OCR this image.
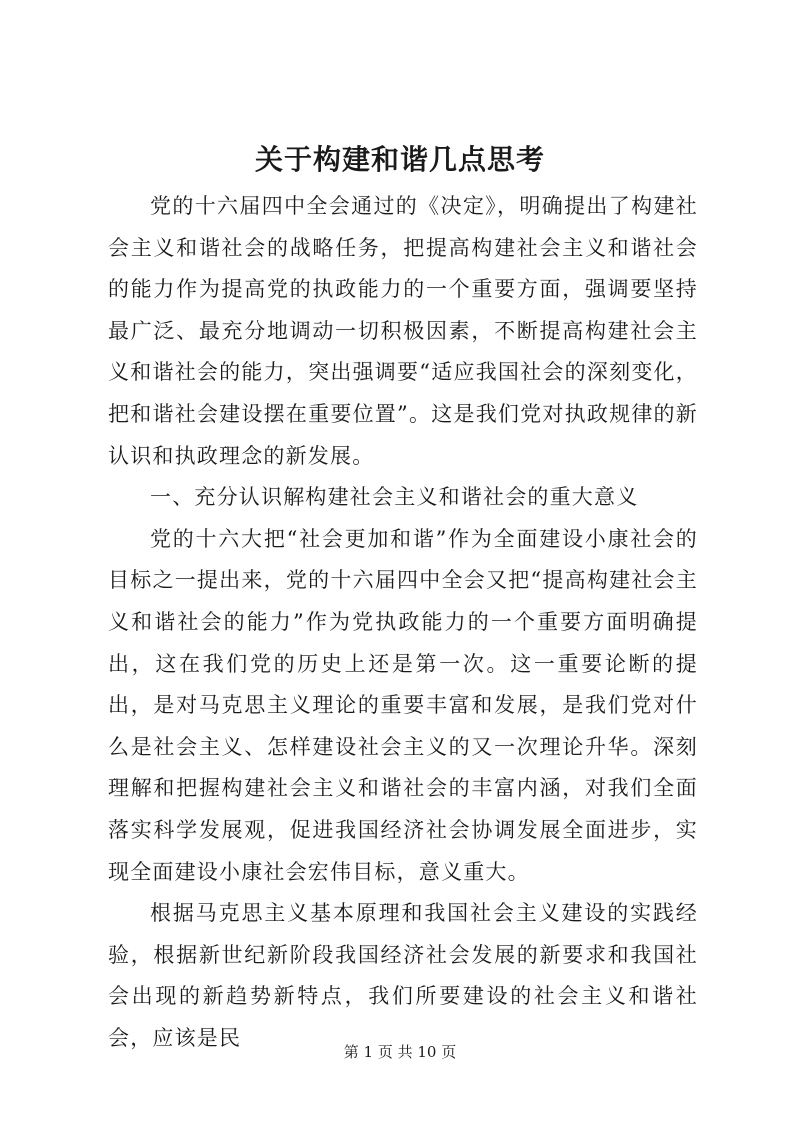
关于构建和谐几点思考

党的十六届四中全会通过的《决定》，明确提出了构建社会主义和谐社会的战略任务，把提高构建社会主义和谐社会的能力作为提高党的执政能力的一个重要方面，强调要坚持最广泛、最充分地调动一切积极因素，不断提高构建社会主义和谐社会的能力，突出强调要“适应我国社会的深刻变化，把和谐社会建设摆在重要位置”。这是我们党对执政规律的新认识和执政理念的新发展。

一、充分认识解构建社会主义和谐社会的重大意义

党的十六大把“社会更加和谐”作为全面建设小康社会的目标之一提出来，党的十六届四中全会又把“提高构建社会主义和谐社会的能力”作为党执政能力的一个重要方面明确提出，这在我们党的历史上还是第一次。这一重要论断的提出，是对马克思主义理论的重要丰富和发展，是我们党对什么是社会主义、怎样建设社会主义的又一次理论升华。深刻理解和把握构建社会主义和谐社会的丰富内涵，对我们全面落实科学发展观，促进我国经济社会协调发展全面进步，实现全面建设小康社会宏伟目标，意义重大。

根据马克思主义基本原理和我国社会主义建设的实践经验，根据新世纪新阶段我国经济社会发展的新要求和我国社会出现的新趋势新特点，我们所要建设的社会主义和谐社会，应该是民

第 1 页 共 10 页
